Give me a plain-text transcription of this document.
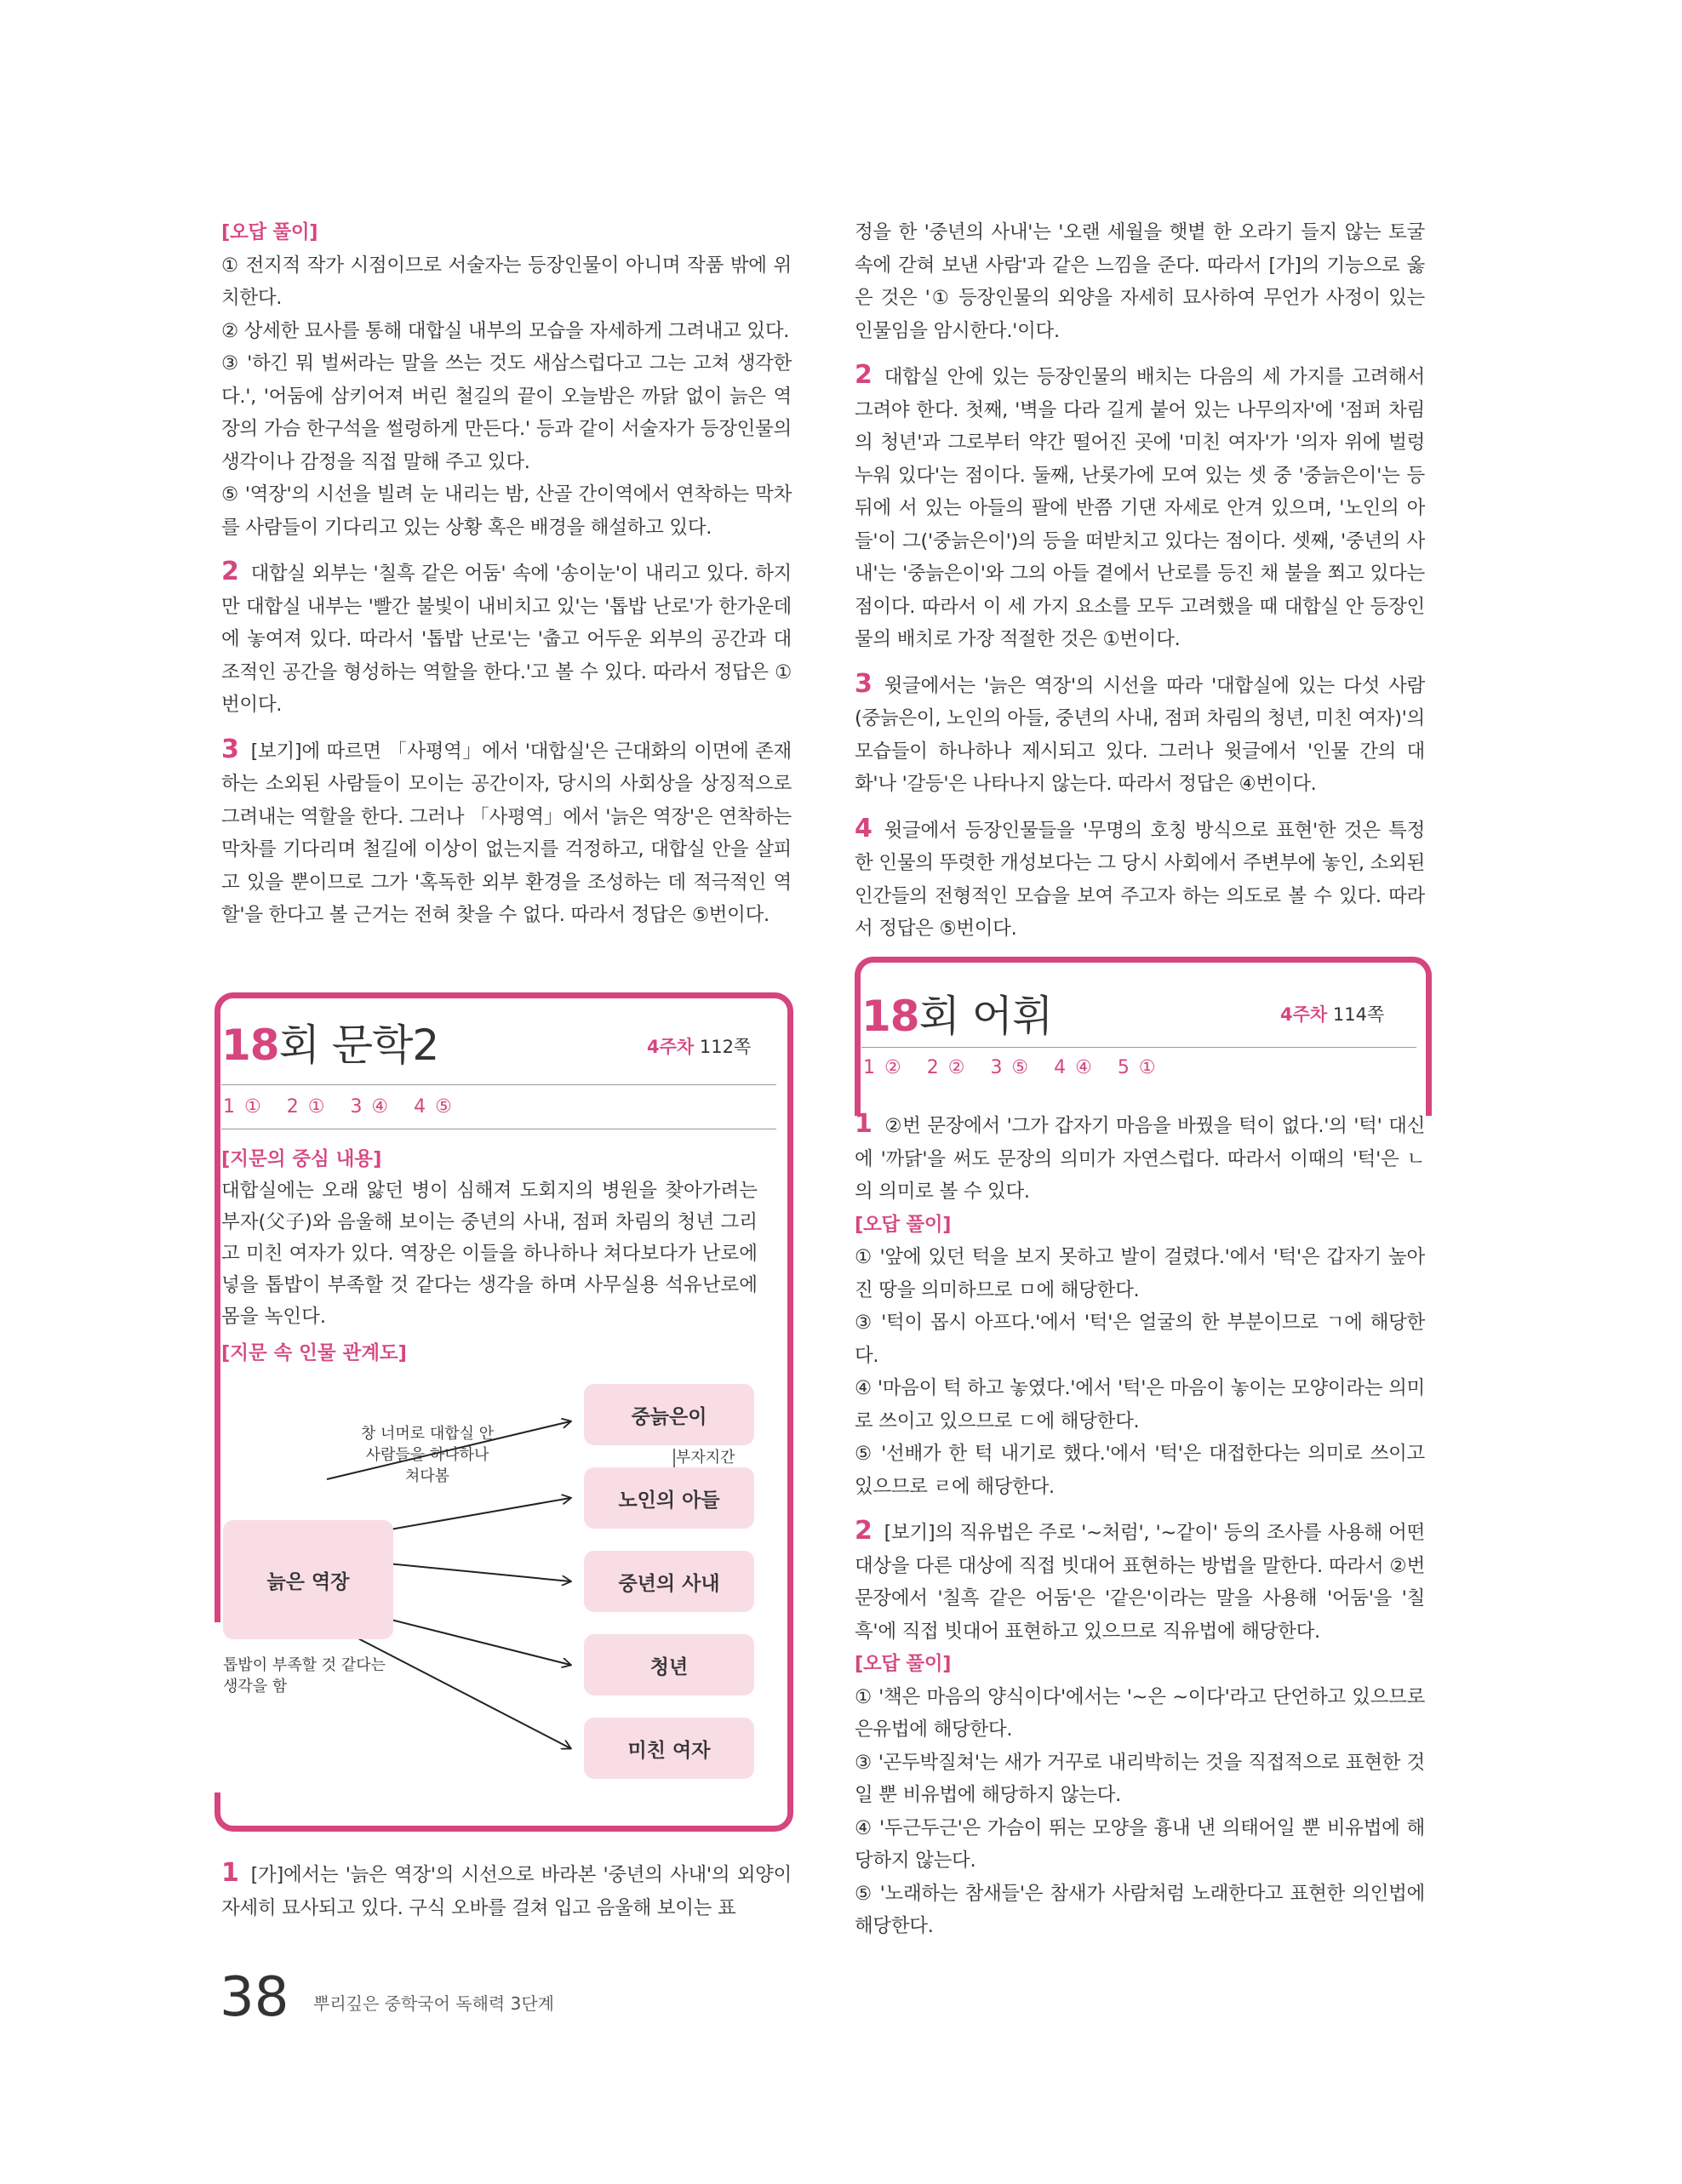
[오답 풀이]

① 전지적 작가 시점이므로 서술자는 등장인물이 아니며 작품 밖에 위치한다.

② 상세한 묘사를 통해 대합실 내부의 모습을 자세하게 그려내고 있다.

③ '하긴 뭐 벌써라는 말을 쓰는 것도 새삼스럽다고 그는 고쳐 생각한다.', '어둠에 삼키어져 버린 철길의 끝이 오늘밤은 까닭 없이 늙은 역장의 가슴 한구석을 썰렁하게 만든다.' 등과 같이 서술자가 등장인물의 생각이나 감정을 직접 말해 주고 있다.

⑤ '역장'의 시선을 빌려 눈 내리는 밤, 산골 간이역에서 연착하는 막차를 사람들이 기다리고 있는 상황 혹은 배경을 해설하고 있다.

2 대합실 외부는 '칠흑 같은 어둠' 속에 '송이눈'이 내리고 있다. 하지만 대합실 내부는 '빨간 불빛이 내비치고 있'는 '톱밥 난로'가 한가운데에 놓여져 있다. 따라서 '톱밥 난로'는 '춥고 어두운 외부의 공간과 대조적인 공간을 형성하는 역할을 한다.'고 볼 수 있다. 따라서 정답은 ①번이다.

3 [보기]에 따르면 「사평역」에서 '대합실'은 근대화의 이면에 존재하는 소외된 사람들이 모이는 공간이자, 당시의 사회상을 상징적으로 그려내는 역할을 한다. 그러나 「사평역」에서 '늙은 역장'은 연착하는 막차를 기다리며 철길에 이상이 없는지를 걱정하고, 대합실 안을 살피고 있을 뿐이므로 그가 '혹독한 외부 환경을 조성하는 데 적극적인 역할'을 한다고 볼 근거는 전혀 찾을 수 없다. 따라서 정답은 ⑤번이다.

18회 문학2	4주차 112쪽
1 ① 2 ① 3 ④ 4 ⑤
[지문의 중심 내용]
대합실에는 오래 앓던 병이 심해져 도회지의 병원을 찾아가려는 부자(父子)와 음울해 보이는 중년의 사내, 점퍼 차림의 청년 그리고 미친 여자가 있다. 역장은 이들을 하나하나 쳐다보다가 난로에 넣을 톱밥이 부족할 것 같다는 생각을 하며 사무실용 석유난로에 몸을 녹인다.
[지문 속 인물 관계도]
늙은 역장
중늙은이
노인의 아들
중년의 사내
청년
미친 여자
창 너머로 대합실 안
사람들을 하나하나
쳐다봄
톱밥이 부족할 것 같다는
생각을 함
부자지간

1 [가]에서는 '늙은 역장'의 시선으로 바라본 '중년의 사내'의 외양이 자세히 묘사되고 있다. 구식 오바를 걸쳐 입고 음울해 보이는 표

정을 한 '중년의 사내'는 '오랜 세월을 햇볕 한 오라기 들지 않는 토굴 속에 갇혀 보낸 사람'과 같은 느낌을 준다. 따라서 [가]의 기능으로 옳은 것은 '① 등장인물의 외양을 자세히 묘사하여 무언가 사정이 있는 인물임을 암시한다.'이다.

2 대합실 안에 있는 등장인물의 배치는 다음의 세 가지를 고려해서 그려야 한다. 첫째, '벽을 다라 길게 붙어 있는 나무의자'에 '점퍼 차림의 청년'과 그로부터 약간 떨어진 곳에 '미친 여자'가 '의자 위에 벌렁 누워 있다'는 점이다. 둘째, 난롯가에 모여 있는 셋 중 '중늙은이'는 등 뒤에 서 있는 아들의 팔에 반쯤 기댄 자세로 안겨 있으며, '노인의 아들'이 그('중늙은이')의 등을 떠받치고 있다는 점이다. 셋째, '중년의 사내'는 '중늙은이'와 그의 아들 곁에서 난로를 등진 채 불을 쬐고 있다는 점이다. 따라서 이 세 가지 요소를 모두 고려했을 때 대합실 안 등장인물의 배치로 가장 적절한 것은 ①번이다.

3 윗글에서는 '늙은 역장'의 시선을 따라 '대합실에 있는 다섯 사람(중늙은이, 노인의 아들, 중년의 사내, 점퍼 차림의 청년, 미친 여자)'의 모습들이 하나하나 제시되고 있다. 그러나 윗글에서 '인물 간의 대화'나 '갈등'은 나타나지 않는다. 따라서 정답은 ④번이다.

4 윗글에서 등장인물들을 '무명의 호칭 방식으로 표현'한 것은 특정한 인물의 뚜렷한 개성보다는 그 당시 사회에서 주변부에 놓인, 소외된 인간들의 전형적인 모습을 보여 주고자 하는 의도로 볼 수 있다. 따라서 정답은 ⑤번이다.

18회 어휘	4주차 114쪽
1 ② 2 ② 3 ⑤ 4 ④ 5 ①

1 ②번 문장에서 '그가 갑자기 마음을 바꿨을 턱이 없다.'의 '턱' 대신에 '까닭'을 써도 문장의 의미가 자연스럽다. 따라서 이때의 '턱'은 ㄴ의 의미로 볼 수 있다.

[오답 풀이]

① '앞에 있던 턱을 보지 못하고 발이 걸렸다.'에서 '턱'은 갑자기 높아진 땅을 의미하므로 ㅁ에 해당한다.

③ '턱이 몹시 아프다.'에서 '턱'은 얼굴의 한 부분이므로 ㄱ에 해당한다.

④ '마음이 턱 하고 놓였다.'에서 '턱'은 마음이 놓이는 모양이라는 의미로 쓰이고 있으므로 ㄷ에 해당한다.

⑤ '선배가 한 턱 내기로 했다.'에서 '턱'은 대접한다는 의미로 쓰이고 있으므로 ㄹ에 해당한다.

2 [보기]의 직유법은 주로 '~처럼', '~같이' 등의 조사를 사용해 어떤 대상을 다른 대상에 직접 빗대어 표현하는 방법을 말한다. 따라서 ②번 문장에서 '칠흑 같은 어둠'은 '같은'이라는 말을 사용해 '어둠'을 '칠흑'에 직접 빗대어 표현하고 있으므로 직유법에 해당한다.

[오답 풀이]

① '책은 마음의 양식이다'에서는 '~은 ~이다'라고 단언하고 있으므로 은유법에 해당한다.

③ '곤두박질쳐'는 새가 거꾸로 내리박히는 것을 직접적으로 표현한 것일 뿐 비유법에 해당하지 않는다.

④ '두근두근'은 가슴이 뛰는 모양을 흉내 낸 의태어일 뿐 비유법에 해당하지 않는다.

⑤ '노래하는 참새들'은 참새가 사람처럼 노래한다고 표현한 의인법에 해당한다.

38 뿌리깊은 중학국어 독해력 3단계
